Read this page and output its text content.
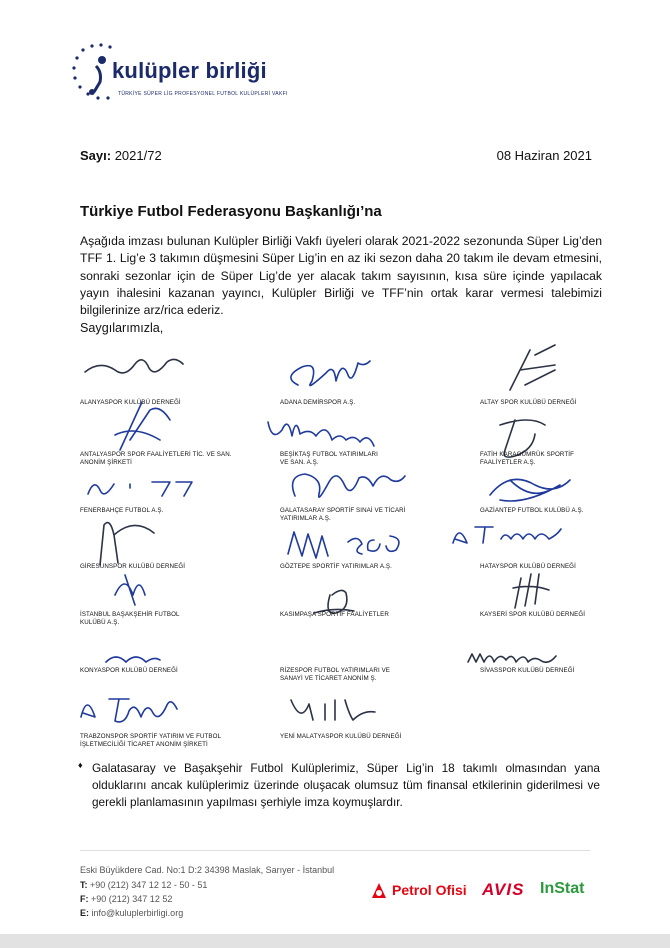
kulüpler birliği
TÜRKİYE SÜPER LİG PROFESYONEL FUTBOL KULÜPLERİ VAKFI
Sayı: 2021/72	08 Haziran 2021
Türkiye Futbol Federasyonu Başkanlığı’na
Aşağıda imzası bulunan Kulüpler Birliği Vakfı üyeleri olarak 2021-2022 sezonunda Süper Lig’den TFF 1. Lig’e 3 takımın düşmesini Süper Lig’in en az iki sezon daha 20 takım ile devam etmesini, sonraki sezonlar için de Süper Lig’de yer alacak takım sayısının, kısa süre içinde yapılacak yayın ihalesini kazanan yayıncı, Kulüpler Birliği ve TFF’nin ortak karar vermesi talebimizi bilgilerinize arz/rica ederiz.
Saygılarımızla,
ALANYASPOR KULÜBÜ DERNEĞİ	ADANA DEMİRSPOR A.Ş.	ALTAY SPOR KULÜBÜ DERNEĞİ
ANTALYASPOR SPOR FAALİYETLERİ TİC. VE SAN.
ANONİM ŞİRKETİ
BEŞİKTAŞ FUTBOL YATIRIMLARI
VE SAN. A.Ş.
FATİH KARAGÜMRÜK SPORTİF
FAALİYETLER A.Ş.
FENERBAHÇE FUTBOL A.Ş.	GALATASARAY SPORTİF SINAİ VE TİCARİ
YATIRIMLAR A.Ş.
GAZİANTEP FUTBOL KULÜBÜ A.Ş.
GİRESUNSPOR KULÜBÜ DERNEĞİ	GÖZTEPE SPORTİF YATIRIMLAR A.Ş.	HATAYSPOR KULÜBÜ DERNEĞİ
İSTANBUL BAŞAKŞEHİR FUTBOL
KULÜBÜ A.Ş.
KASIMPAŞA SPORTİF FAALİYETLER	KAYSERİ SPOR KULÜBÜ DERNEĞİ
KONYASPOR KULÜBÜ DERNEĞİ	RİZESPOR FUTBOL YATIRIMLARI VE
SANAYİ VE TİCARET ANONİM Ş.
SİVASSPOR KULÜBÜ DERNEĞİ
TRABZONSPOR SPORTİF YATIRIM VE FUTBOL
İŞLETMECİLİĞİ TİCARET ANONİM ŞİRKETİ
YENİ MALATYASPOR KULÜBÜ DERNEĞİ
♦ Galatasaray ve Başakşehir Futbol Kulüplerimiz, Süper Lig’in 18 takımlı olmasından yana olduklarını ancak kulüplerimiz üzerinde oluşacak olumsuz tüm finansal etkilerinin giderilmesi ve gerekli planlamasının yapılması şerhiyle imza koymuşlardır.
Eski Büyükdere Cad. No:1 D:2 34398 Maslak, Sarıyer - İstanbul
T: +90 (212) 347 12 12 - 50 - 51
F: +90 (212) 347 12 52
E: info@kuluplerbirligi.org
Petrol Ofisi AVIS InStat
